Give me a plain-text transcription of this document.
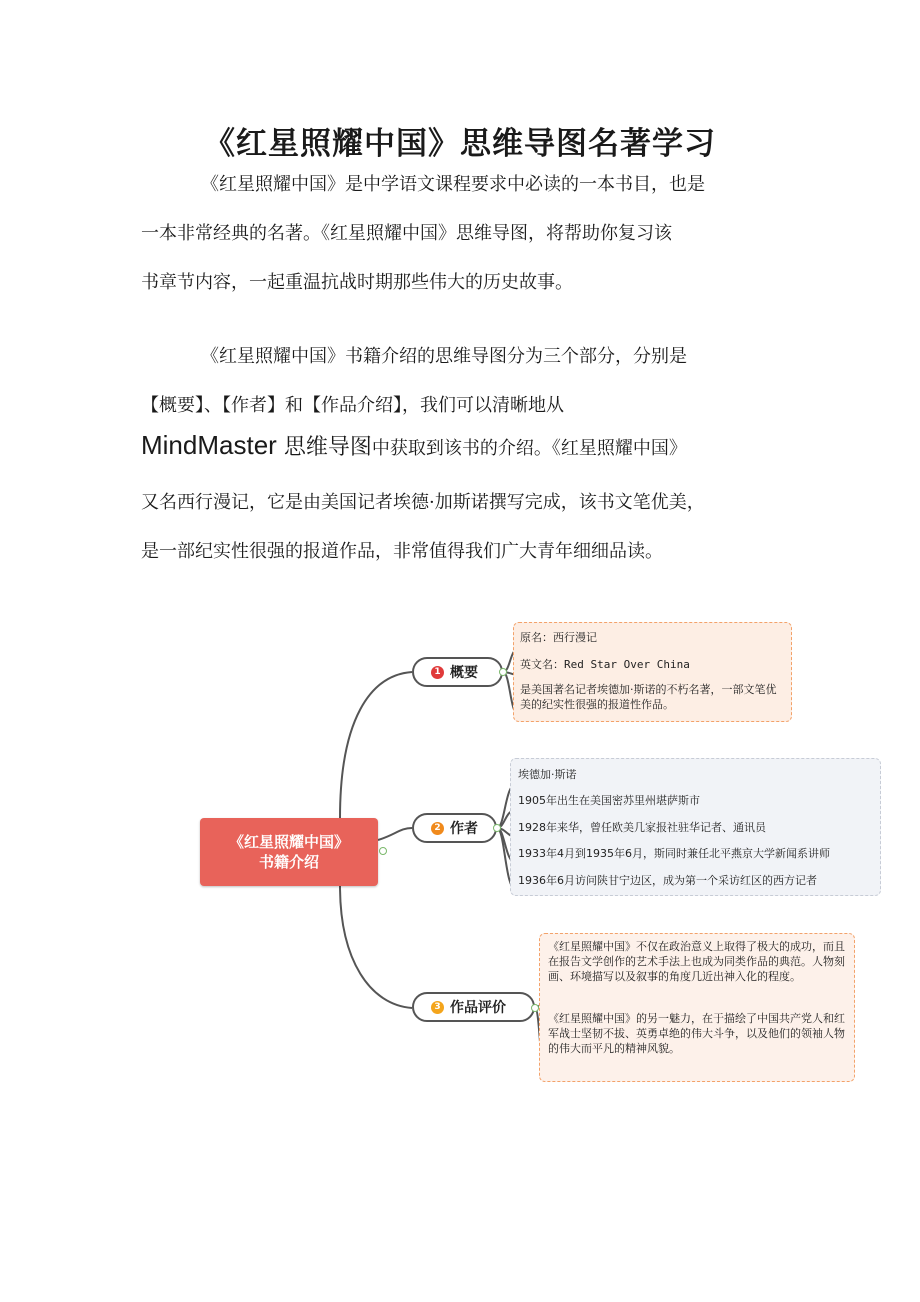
《红星照耀中国》思维导图名著学习
《红星照耀中国》是中学语文课程要求中必读的一本书目，也是
一本非常经典的名著。《红星照耀中国》思维导图，将帮助你复习该
书章节内容，一起重温抗战时期那些伟大的历史故事。
《红星照耀中国》书籍介绍的思维导图分为三个部分，分别是
【概要】、【作者】和【作品介绍】，我们可以清晰地从
MindMaster 思维导图中获取到该书的介绍。《红星照耀中国》
又名西行漫记，它是由美国记者埃德·加斯诺撰写完成，该书文笔优美，
是一部纪实性很强的报道作品，非常值得我们广大青年细细品读。
《红星照耀中国》
书籍介绍
1 概要
2 作者
3 作品评价
原名：西行漫记
英文名：Red Star Over China
是美国著名记者埃德加·斯诺的不朽名著，一部文笔优美的纪实性很强的报道性作品。
埃德加·斯诺
1905年出生在美国密苏里州堪萨斯市
1928年来华，曾任欧美几家报社驻华记者、通讯员
1933年4月到1935年6月，斯同时兼任北平燕京大学新闻系讲师
1936年6月访问陕甘宁边区，成为第一个采访红区的西方记者
《红星照耀中国》不仅在政治意义上取得了极大的成功，而且在报告文学创作的艺术手法上也成为同类作品的典范。人物刻画、环境描写以及叙事的角度几近出神入化的程度。
《红星照耀中国》的另一魅力，在于描绘了中国共产党人和红军战士坚韧不拔、英勇卓绝的伟大斗争，以及他们的领袖人物的伟大而平凡的精神风貌。
